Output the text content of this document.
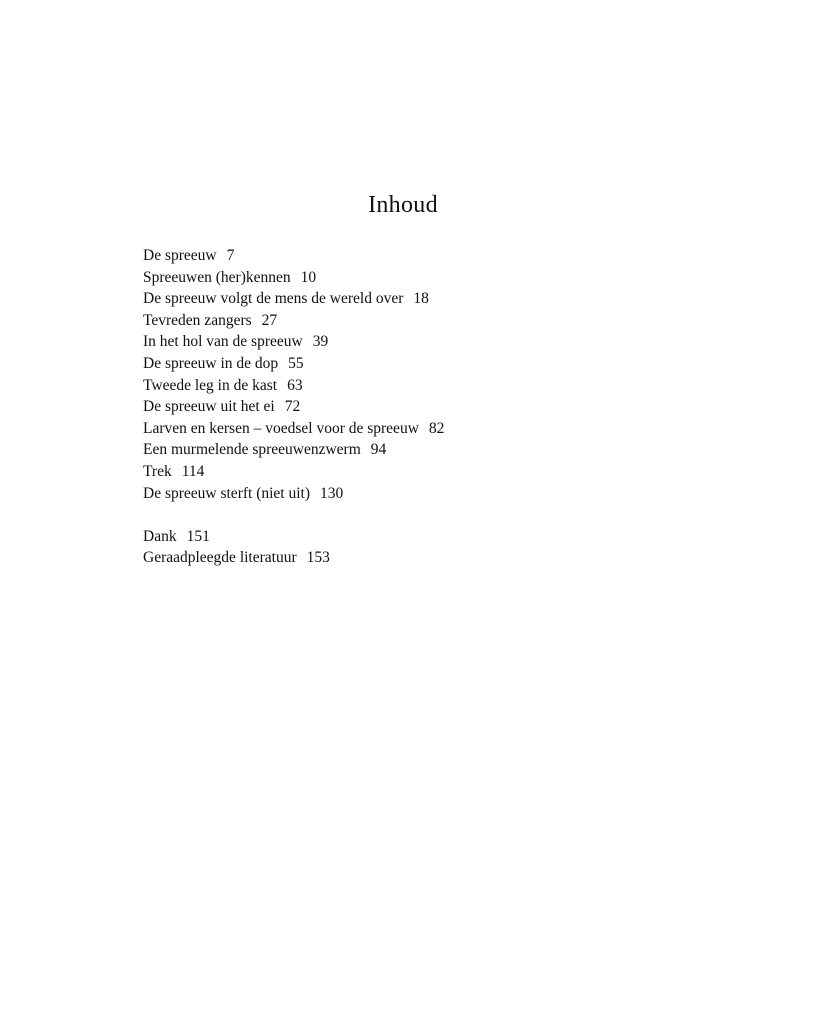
Inhoud
De spreeuw 7
Spreeuwen (her)kennen 10
De spreeuw volgt de mens de wereld over 18
Tevreden zangers 27
In het hol van de spreeuw 39
De spreeuw in de dop 55
Tweede leg in de kast 63
De spreeuw uit het ei 72
Larven en kersen – voedsel voor de spreeuw 82
Een murmelende spreeuwenzwerm 94
Trek 114
De spreeuw sterft (niet uit) 130
Dank 151
Geraadpleegde literatuur 153
